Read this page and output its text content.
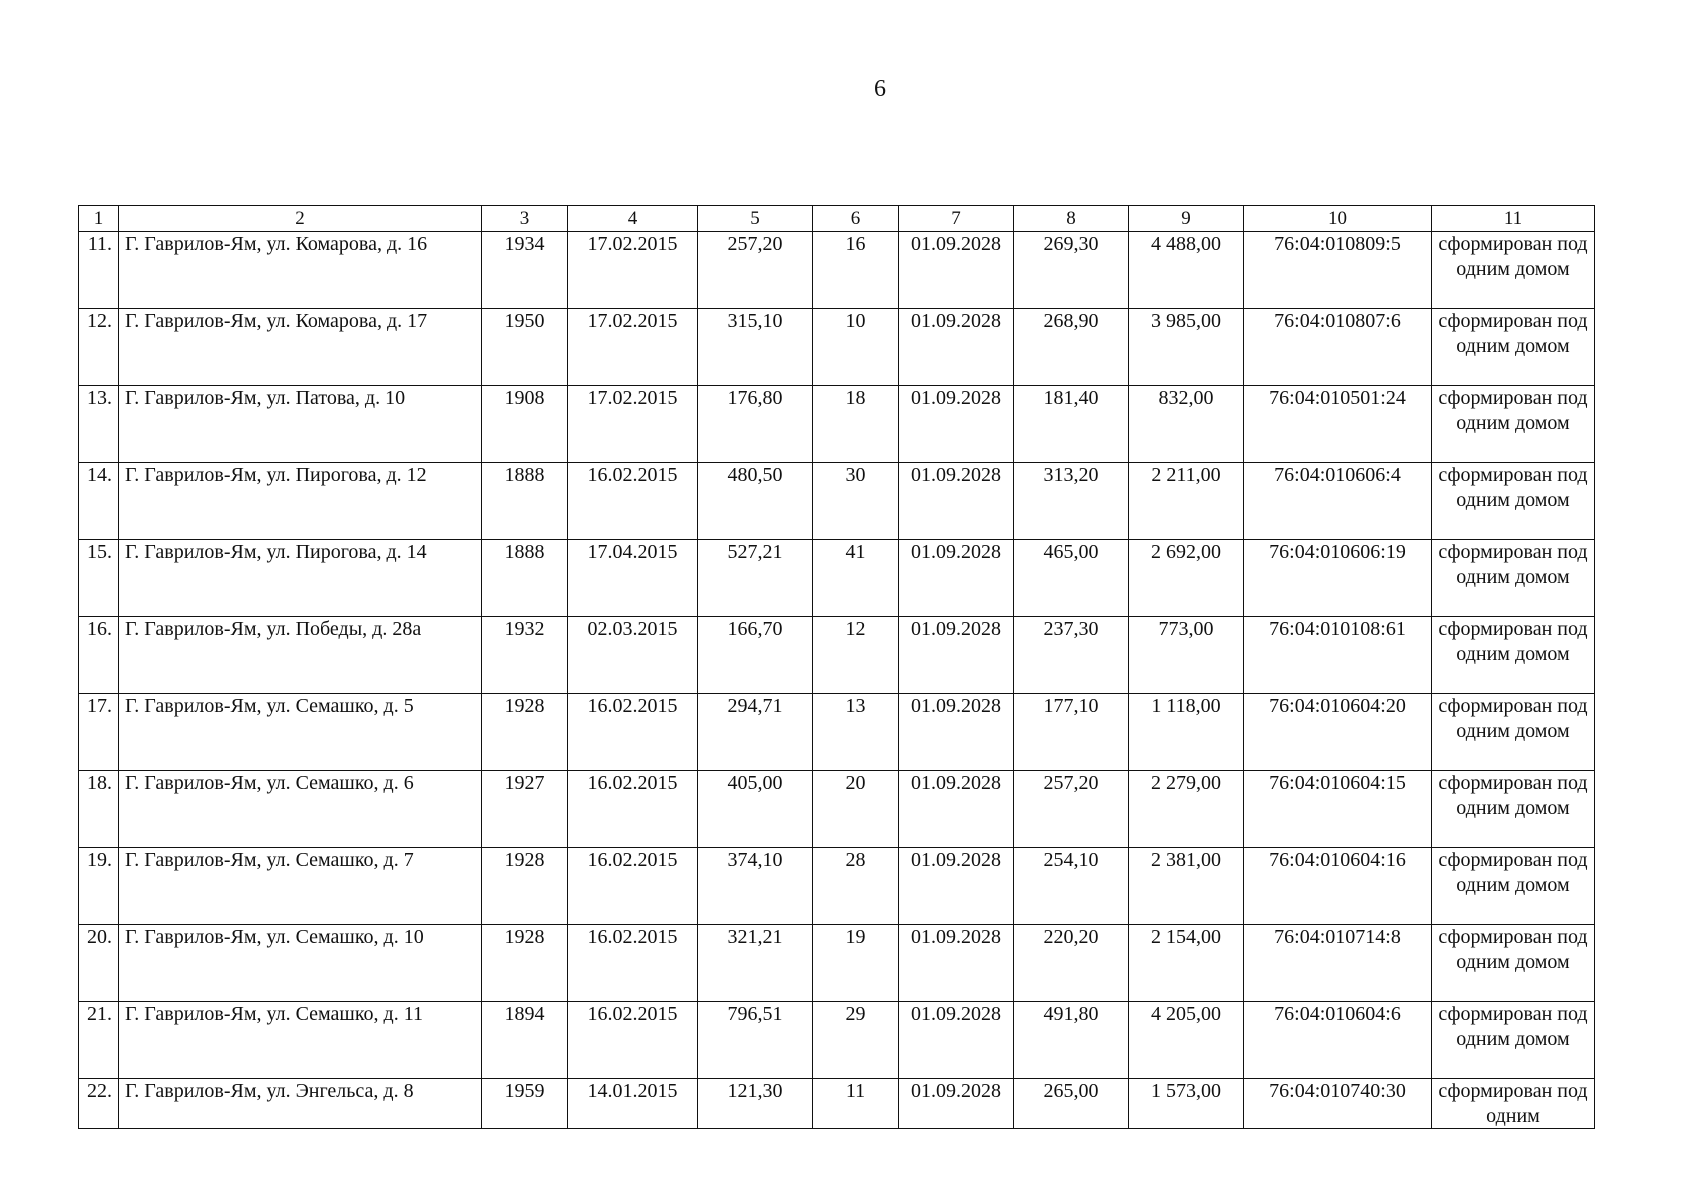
6
1	2	3	4	5	6	7	8	9	10	11
11.	Г. Гаврилов-Ям, ул. Комарова, д. 16	1934	17.02.2015	257,20	16	01.09.2028	269,30	4 488,00	76:04:010809:5	сформирован под одним домом
12.	Г. Гаврилов-Ям, ул. Комарова, д. 17	1950	17.02.2015	315,10	10	01.09.2028	268,90	3 985,00	76:04:010807:6	сформирован под одним домом
13.	Г. Гаврилов-Ям, ул. Патова, д. 10	1908	17.02.2015	176,80	18	01.09.2028	181,40	832,00	76:04:010501:24	сформирован под одним домом
14.	Г. Гаврилов-Ям, ул. Пирогова, д. 12	1888	16.02.2015	480,50	30	01.09.2028	313,20	2 211,00	76:04:010606:4	сформирован под одним домом
15.	Г. Гаврилов-Ям, ул. Пирогова, д. 14	1888	17.04.2015	527,21	41	01.09.2028	465,00	2 692,00	76:04:010606:19	сформирован под одним домом
16.	Г. Гаврилов-Ям, ул. Победы, д. 28а	1932	02.03.2015	166,70	12	01.09.2028	237,30	773,00	76:04:010108:61	сформирован под одним домом
17.	Г. Гаврилов-Ям, ул. Семашко, д. 5	1928	16.02.2015	294,71	13	01.09.2028	177,10	1 118,00	76:04:010604:20	сформирован под одним домом
18.	Г. Гаврилов-Ям, ул. Семашко, д. 6	1927	16.02.2015	405,00	20	01.09.2028	257,20	2 279,00	76:04:010604:15	сформирован под одним домом
19.	Г. Гаврилов-Ям, ул. Семашко, д. 7	1928	16.02.2015	374,10	28	01.09.2028	254,10	2 381,00	76:04:010604:16	сформирован под одним домом
20.	Г. Гаврилов-Ям, ул. Семашко, д. 10	1928	16.02.2015	321,21	19	01.09.2028	220,20	2 154,00	76:04:010714:8	сформирован под одним домом
21.	Г. Гаврилов-Ям, ул. Семашко, д. 11	1894	16.02.2015	796,51	29	01.09.2028	491,80	4 205,00	76:04:010604:6	сформирован под одним домом
22.	Г. Гаврилов-Ям, ул. Энгельса, д. 8	1959	14.01.2015	121,30	11	01.09.2028	265,00	1 573,00	76:04:010740:30	сформирован под одним
